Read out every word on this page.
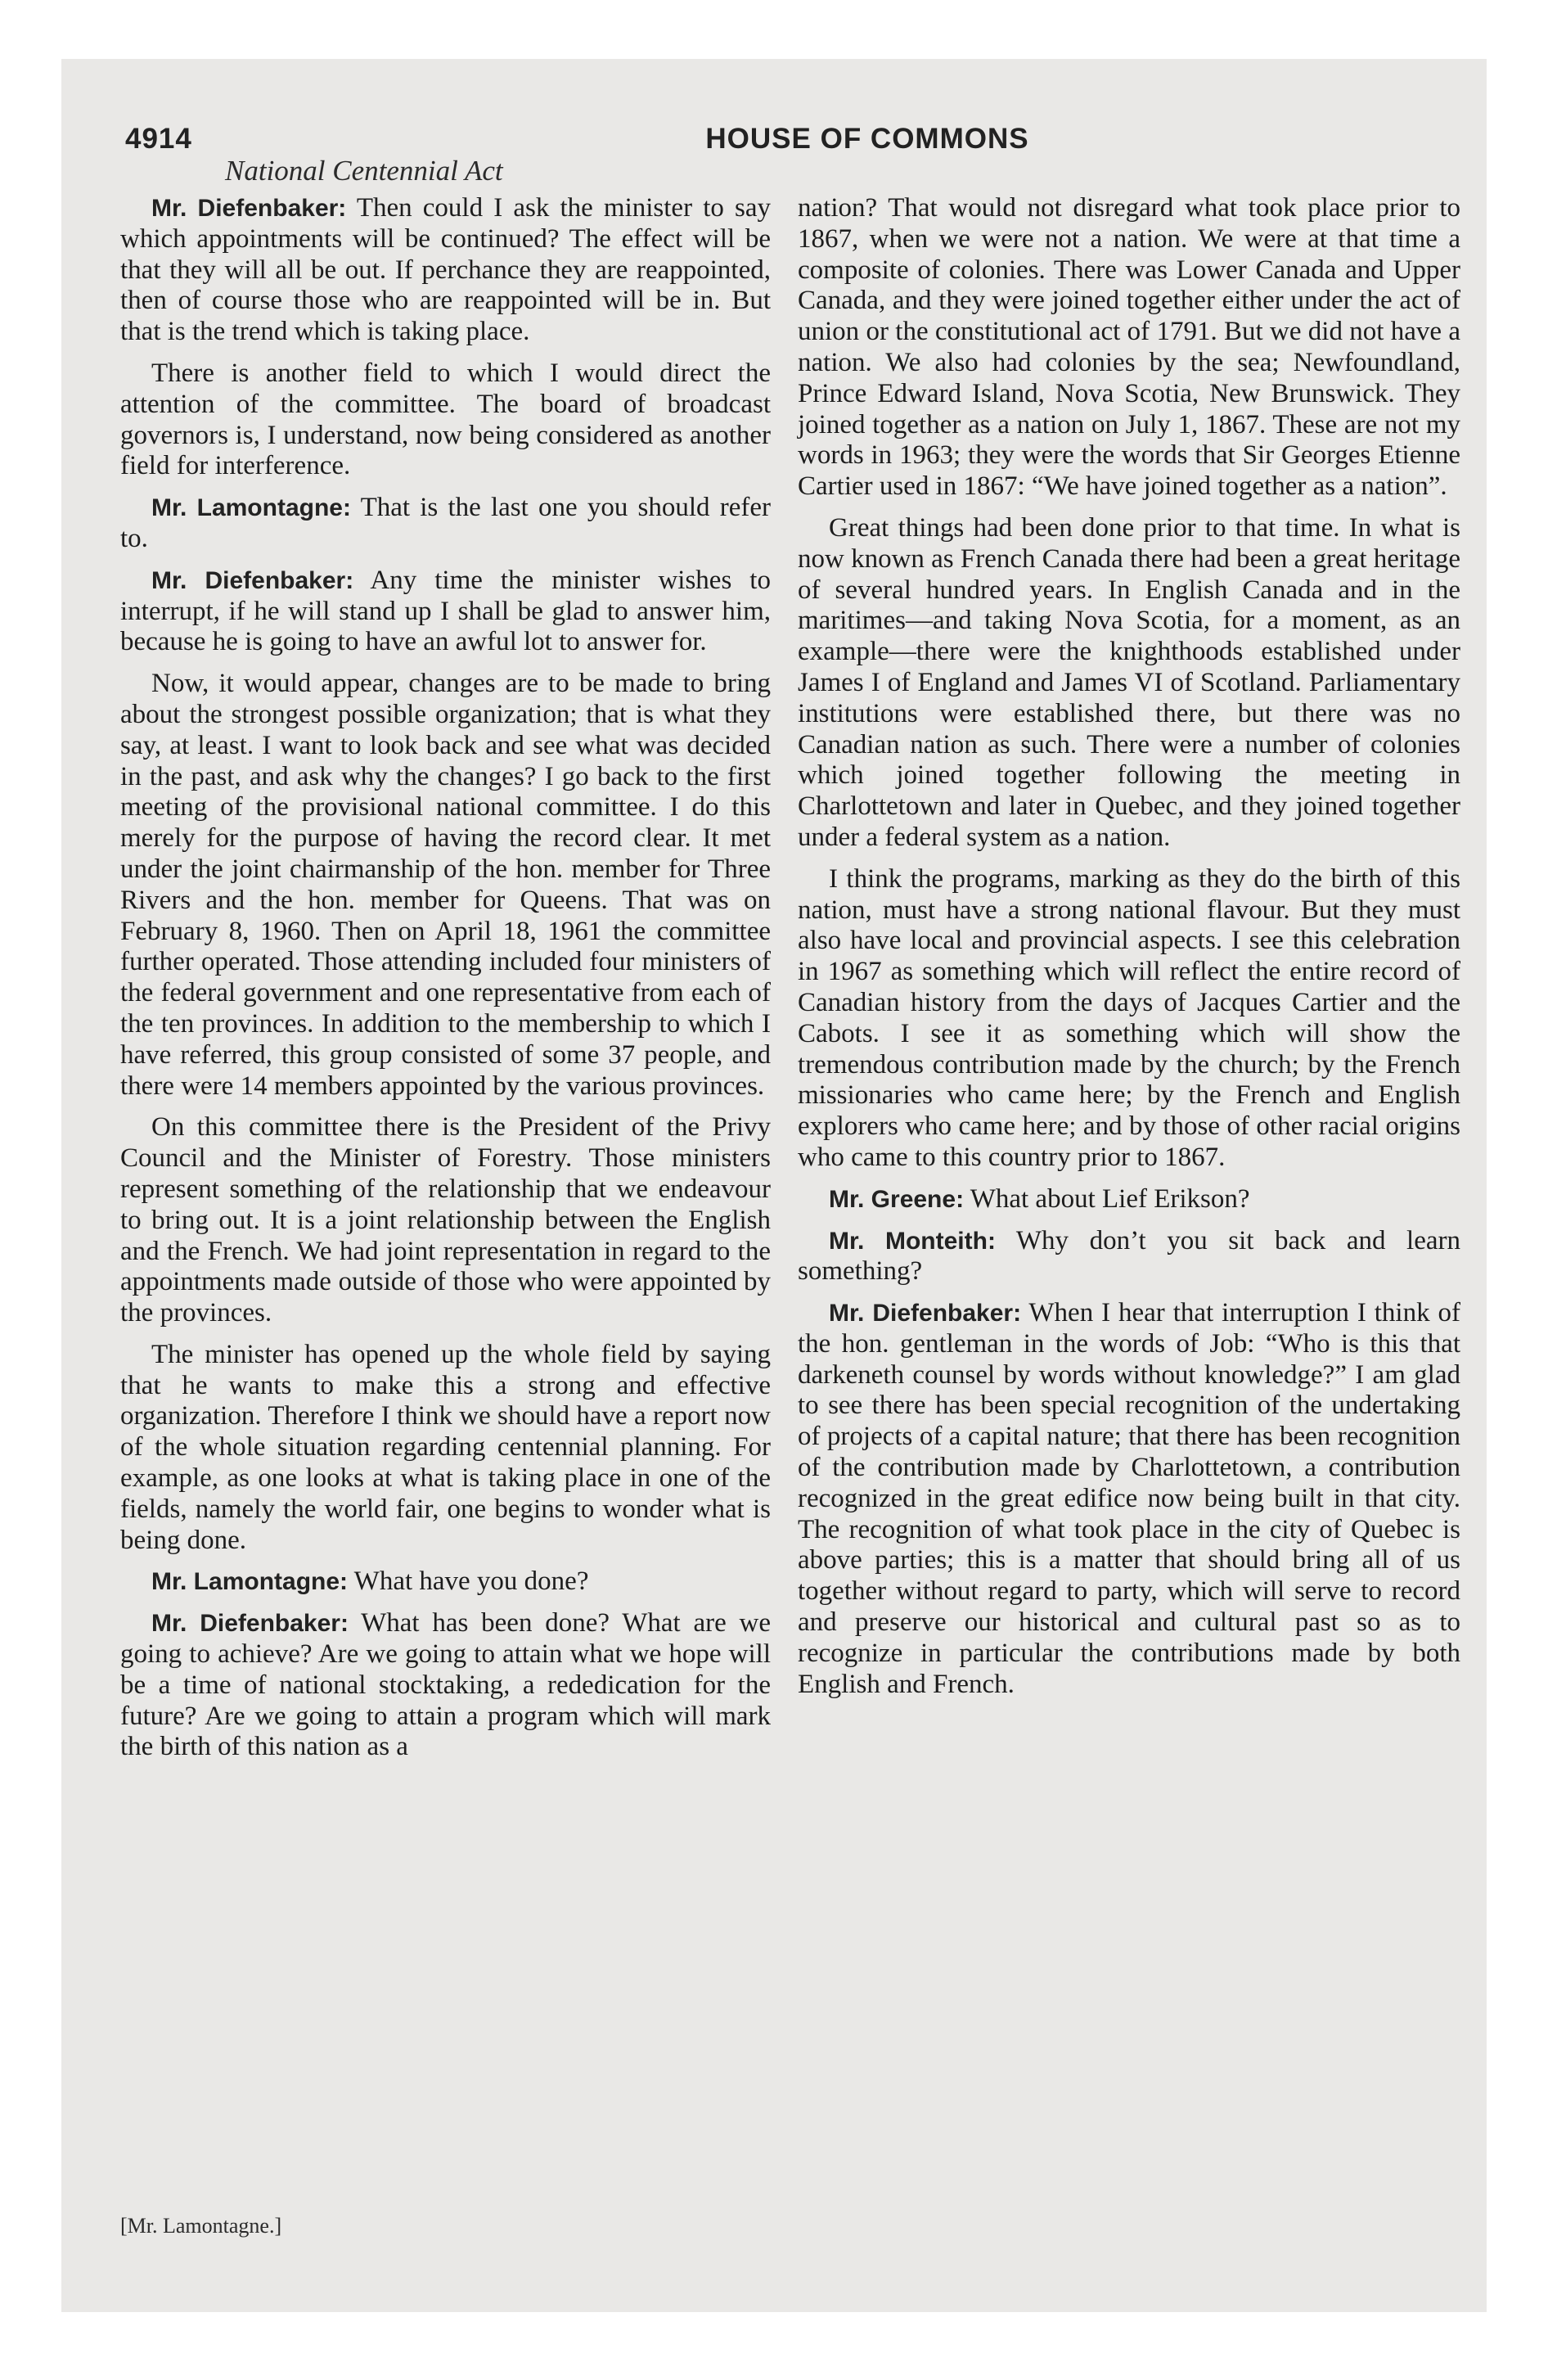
4914	HOUSE OF COMMONS
National Centennial Act

Mr. Diefenbaker: Then could I ask the minister to say which appointments will be continued? The effect will be that they will all be out. If perchance they are reappointed, then of course those who are reappointed will be in. But that is the trend which is taking place.

There is another field to which I would direct the attention of the committee. The board of broadcast governors is, I understand, now being considered as another field for interference.

Mr. Lamontagne: That is the last one you should refer to.

Mr. Diefenbaker: Any time the minister wishes to interrupt, if he will stand up I shall be glad to answer him, because he is going to have an awful lot to answer for.

Now, it would appear, changes are to be made to bring about the strongest possible organization; that is what they say, at least. I want to look back and see what was decided in the past, and ask why the changes? I go back to the first meeting of the provisional national committee. I do this merely for the purpose of having the record clear. It met under the joint chairmanship of the hon. member for Three Rivers and the hon. member for Queens. That was on February 8, 1960. Then on April 18, 1961 the committee further operated. Those attending included four ministers of the federal government and one representative from each of the ten provinces. In addition to the membership to which I have referred, this group consisted of some 37 people, and there were 14 members appointed by the various provinces.

On this committee there is the President of the Privy Council and the Minister of Forestry. Those ministers represent something of the relationship that we endeavour to bring out. It is a joint relationship between the English and the French. We had joint representation in regard to the appointments made outside of those who were appointed by the provinces.

The minister has opened up the whole field by saying that he wants to make this a strong and effective organization. Therefore I think we should have a report now of the whole situation regarding centennial planning. For example, as one looks at what is taking place in one of the fields, namely the world fair, one begins to wonder what is being done.

Mr. Lamontagne: What have you done?

Mr. Diefenbaker: What has been done? What are we going to achieve? Are we going to attain what we hope will be a time of national stocktaking, a rededication for the future? Are we going to attain a program which will mark the birth of this nation as a

nation? That would not disregard what took place prior to 1867, when we were not a nation. We were at that time a composite of colonies. There was Lower Canada and Upper Canada, and they were joined together either under the act of union or the constitutional act of 1791. But we did not have a nation. We also had colonies by the sea; Newfoundland, Prince Edward Island, Nova Scotia, New Brunswick. They joined together as a nation on July 1, 1867. These are not my words in 1963; they were the words that Sir Georges Etienne Cartier used in 1867: “We have joined together as a nation”.

Great things had been done prior to that time. In what is now known as French Canada there had been a great heritage of several hundred years. In English Canada and in the maritimes—and taking Nova Scotia, for a moment, as an example—there were the knighthoods established under James I of England and James VI of Scotland. Parliamentary institutions were established there, but there was no Canadian nation as such. There were a number of colonies which joined together following the meeting in Charlottetown and later in Quebec, and they joined together under a federal system as a nation.

I think the programs, marking as they do the birth of this nation, must have a strong national flavour. But they must also have local and provincial aspects. I see this celebration in 1967 as something which will reflect the entire record of Canadian history from the days of Jacques Cartier and the Cabots. I see it as something which will show the tremendous contribution made by the church; by the French missionaries who came here; by the French and English explorers who came here; and by those of other racial origins who came to this country prior to 1867.

Mr. Greene: What about Lief Erikson?

Mr. Monteith: Why don’t you sit back and learn something?

Mr. Diefenbaker: When I hear that interruption I think of the hon. gentleman in the words of Job: “Who is this that darkeneth counsel by words without knowledge?” I am glad to see there has been special recognition of the undertaking of projects of a capital nature; that there has been recognition of the contribution made by Charlottetown, a contribution recognized in the great edifice now being built in that city. The recognition of what took place in the city of Quebec is above parties; this is a matter that should bring all of us together without regard to party, which will serve to record and preserve our historical and cultural past so as to recognize in particular the contributions made by both English and French.

[Mr. Lamontagne.]
